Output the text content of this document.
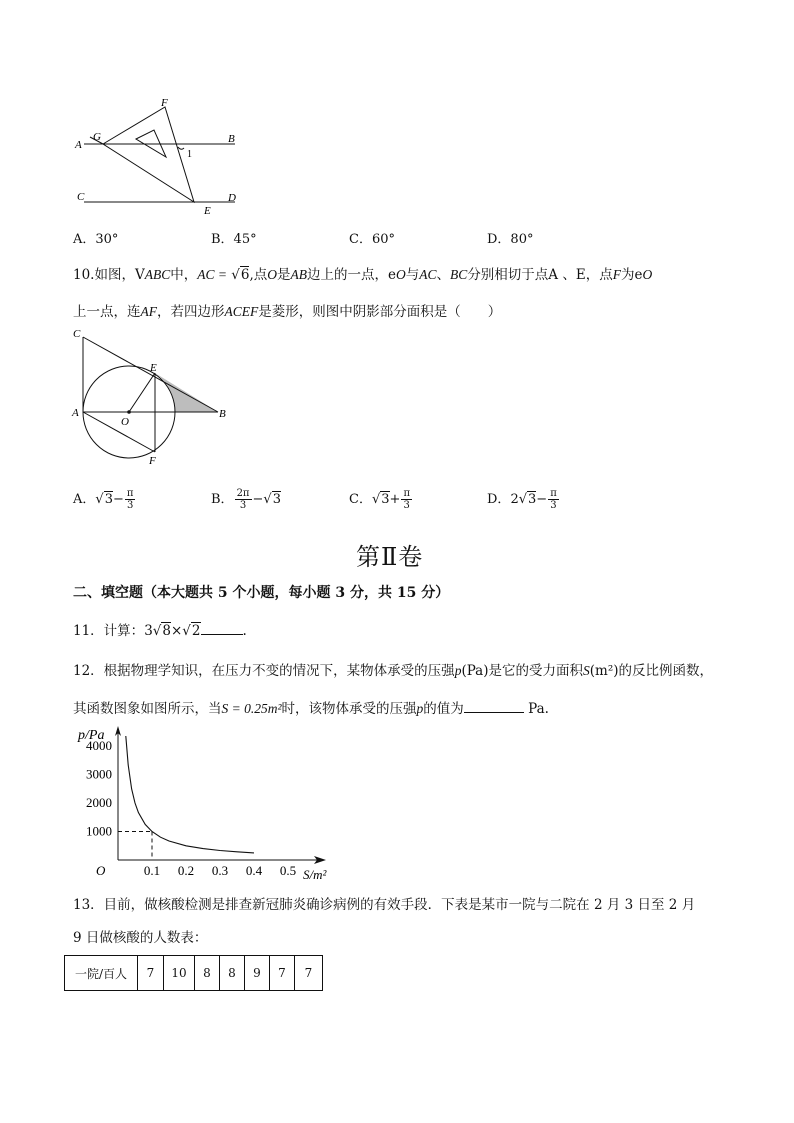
A
G
F
B
1
C	D
E
A．30°	B．45°	C．60°	D．80°
10.如图，VABC中，AC = √6,点O是AB边上的一点，eO与AC、BC分别相切于点A 、E，点F为eO
上一点，连AF，若四边形ACEF是菱形，则图中阴影部分面积是（　　）
C
E
A
O
B
F
A．$√3- \frac{\pi}{3}$	B． $\frac{2\pi}{3} -√3$	C．$√3+ \frac{\pi}{3}$	D．$2√3- \frac{\pi}{3}$
第Ⅱ卷
二、填空题（本大题共 5 个小题，每小题 3 分，共 15 分）
11．计算：3√8×√2	.
12．根据物理学知识，在压力不变的情况下，某物体承受的压强p(Pa)是它的受力面积S(m²)的反比例函数，
其函数图象如图所示，当S = 0.25m²时，该物体承受的压强p的值为	Pa.
0.1 0.2 0.3 0.4 0.5
1000
2000
3000
4000
O
p/Pa
S/m²
13．目前，做核酸检测是排查新冠肺炎确诊病例的有效手段．下表是某市一院与二院在 2 月 3 日至 2 月
9 日做核酸的人数表：
一院/百人	7	10	8	8	9	7	7
